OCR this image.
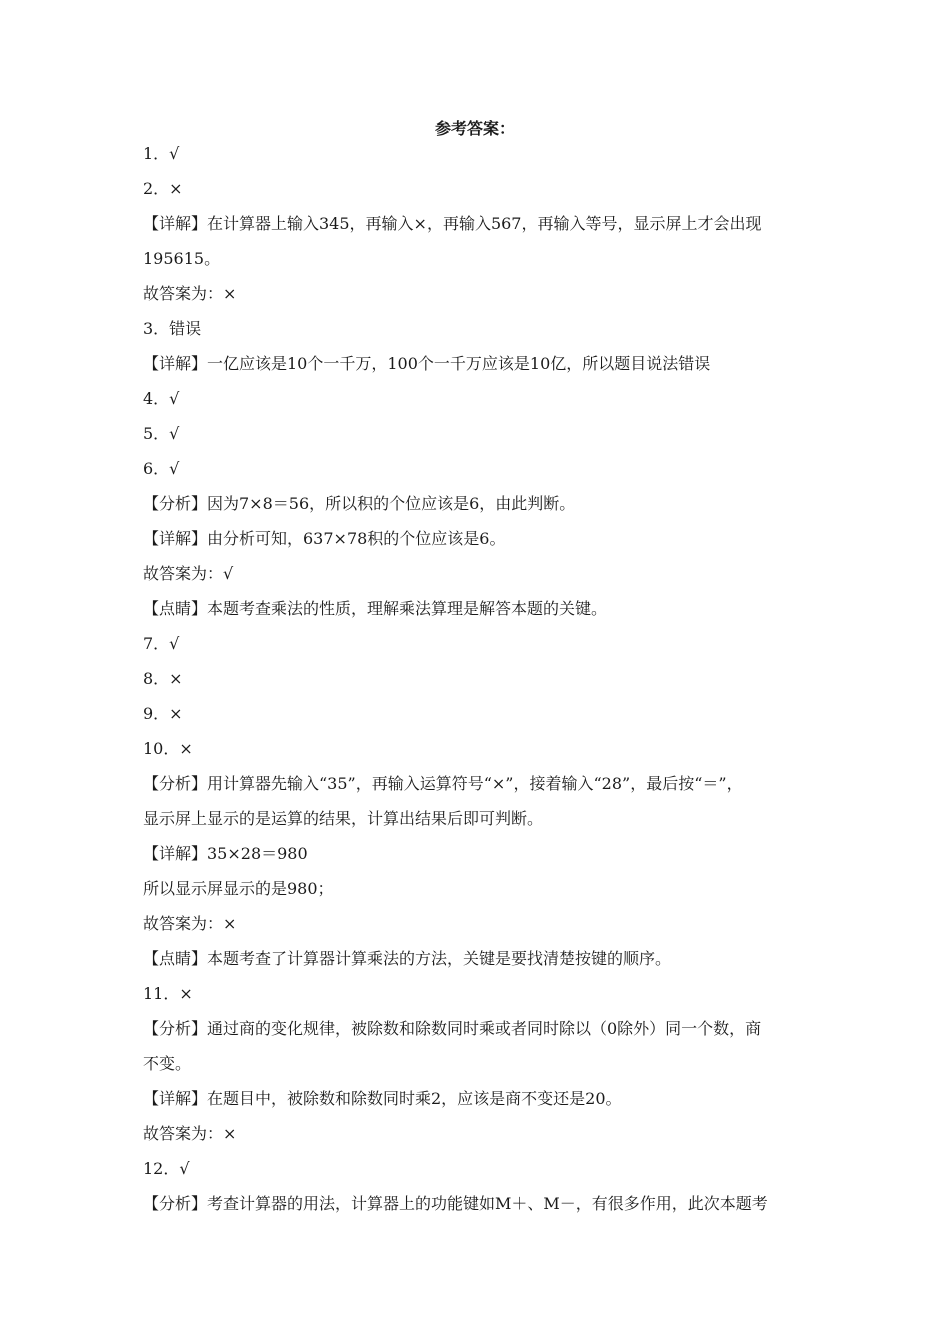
参考答案：
1．√
2．×
【详解】在计算器上输入345，再输入×，再输入567，再输入等号，显示屏上才会出现
195615。
故答案为：×
3．错误
【详解】一亿应该是10个一千万，100个一千万应该是10亿，所以题目说法错误
4．√
5．√
6．√
【分析】因为7×8＝56，所以积的个位应该是6，由此判断。
【详解】由分析可知，637×78积的个位应该是6。
故答案为：√
【点睛】本题考查乘法的性质，理解乘法算理是解答本题的关键。
7．√
8．×
9．×
10．×
【分析】用计算器先输入“35”，再输入运算符号“×”，接着输入“28”，最后按“＝”，
显示屏上显示的是运算的结果，计算出结果后即可判断。
【详解】35×28＝980
所以显示屏显示的是980；
故答案为：×
【点睛】本题考查了计算器计算乘法的方法，关键是要找清楚按键的顺序。
11．×
【分析】通过商的变化规律，被除数和除数同时乘或者同时除以（0除外）同一个数，商
不变。
【详解】在题目中，被除数和除数同时乘2，应该是商不变还是20。
故答案为：×
12．√
【分析】考查计算器的用法，计算器上的功能键如M＋、M－，有很多作用，此次本题考
